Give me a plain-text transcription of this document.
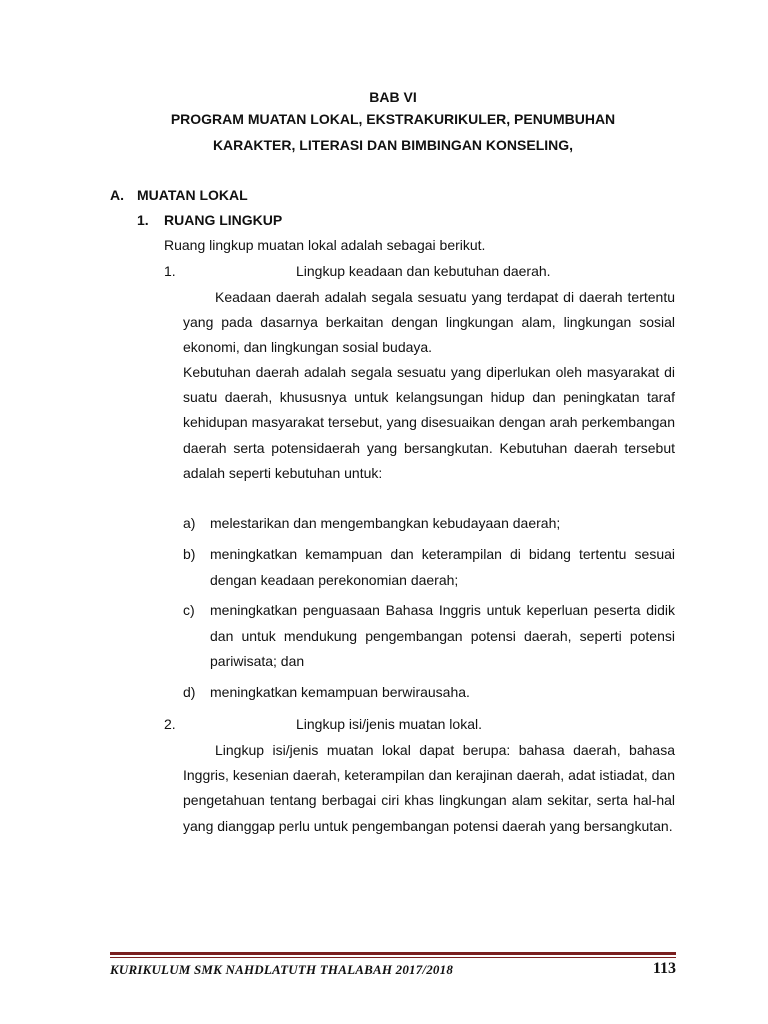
BAB VI
PROGRAM MUATAN LOKAL, EKSTRAKURIKULER, PENUMBUHAN
KARAKTER, LITERASI DAN BIMBINGAN KONSELING,
A. MUATAN LOKAL
1. RUANG LINGKUP
Ruang lingkup muatan lokal adalah sebagai berikut.
1.	Lingkup keadaan dan kebutuhan daerah.
Keadaan daerah adalah segala sesuatu yang terdapat di daerah tertentu yang pada dasarnya berkaitan dengan lingkungan alam, lingkungan sosial ekonomi, dan lingkungan sosial budaya.
Kebutuhan daerah adalah segala sesuatu yang diperlukan oleh masyarakat di suatu daerah, khususnya untuk kelangsungan hidup dan peningkatan taraf kehidupan masyarakat tersebut, yang disesuaikan dengan arah perkembangan daerah serta potensidaerah yang bersangkutan. Kebutuhan daerah tersebut adalah seperti kebutuhan untuk:
a) melestarikan dan mengembangkan kebudayaan daerah;
b) meningkatkan kemampuan dan keterampilan di bidang tertentu sesuai dengan keadaan perekonomian daerah;
c) meningkatkan penguasaan Bahasa Inggris untuk keperluan peserta didik dan untuk mendukung pengembangan potensi daerah, seperti potensi pariwisata; dan
d) meningkatkan kemampuan berwirausaha.
2.	Lingkup isi/jenis muatan lokal.
Lingkup isi/jenis muatan lokal dapat berupa: bahasa daerah, bahasa Inggris, kesenian daerah, keterampilan dan kerajinan daerah, adat istiadat, dan pengetahuan tentang berbagai ciri khas lingkungan alam sekitar, serta hal-hal yang dianggap perlu untuk pengembangan potensi daerah yang bersangkutan.
KURIKULUM SMK NAHDLATUTH THALABAH 2017/2018	113
